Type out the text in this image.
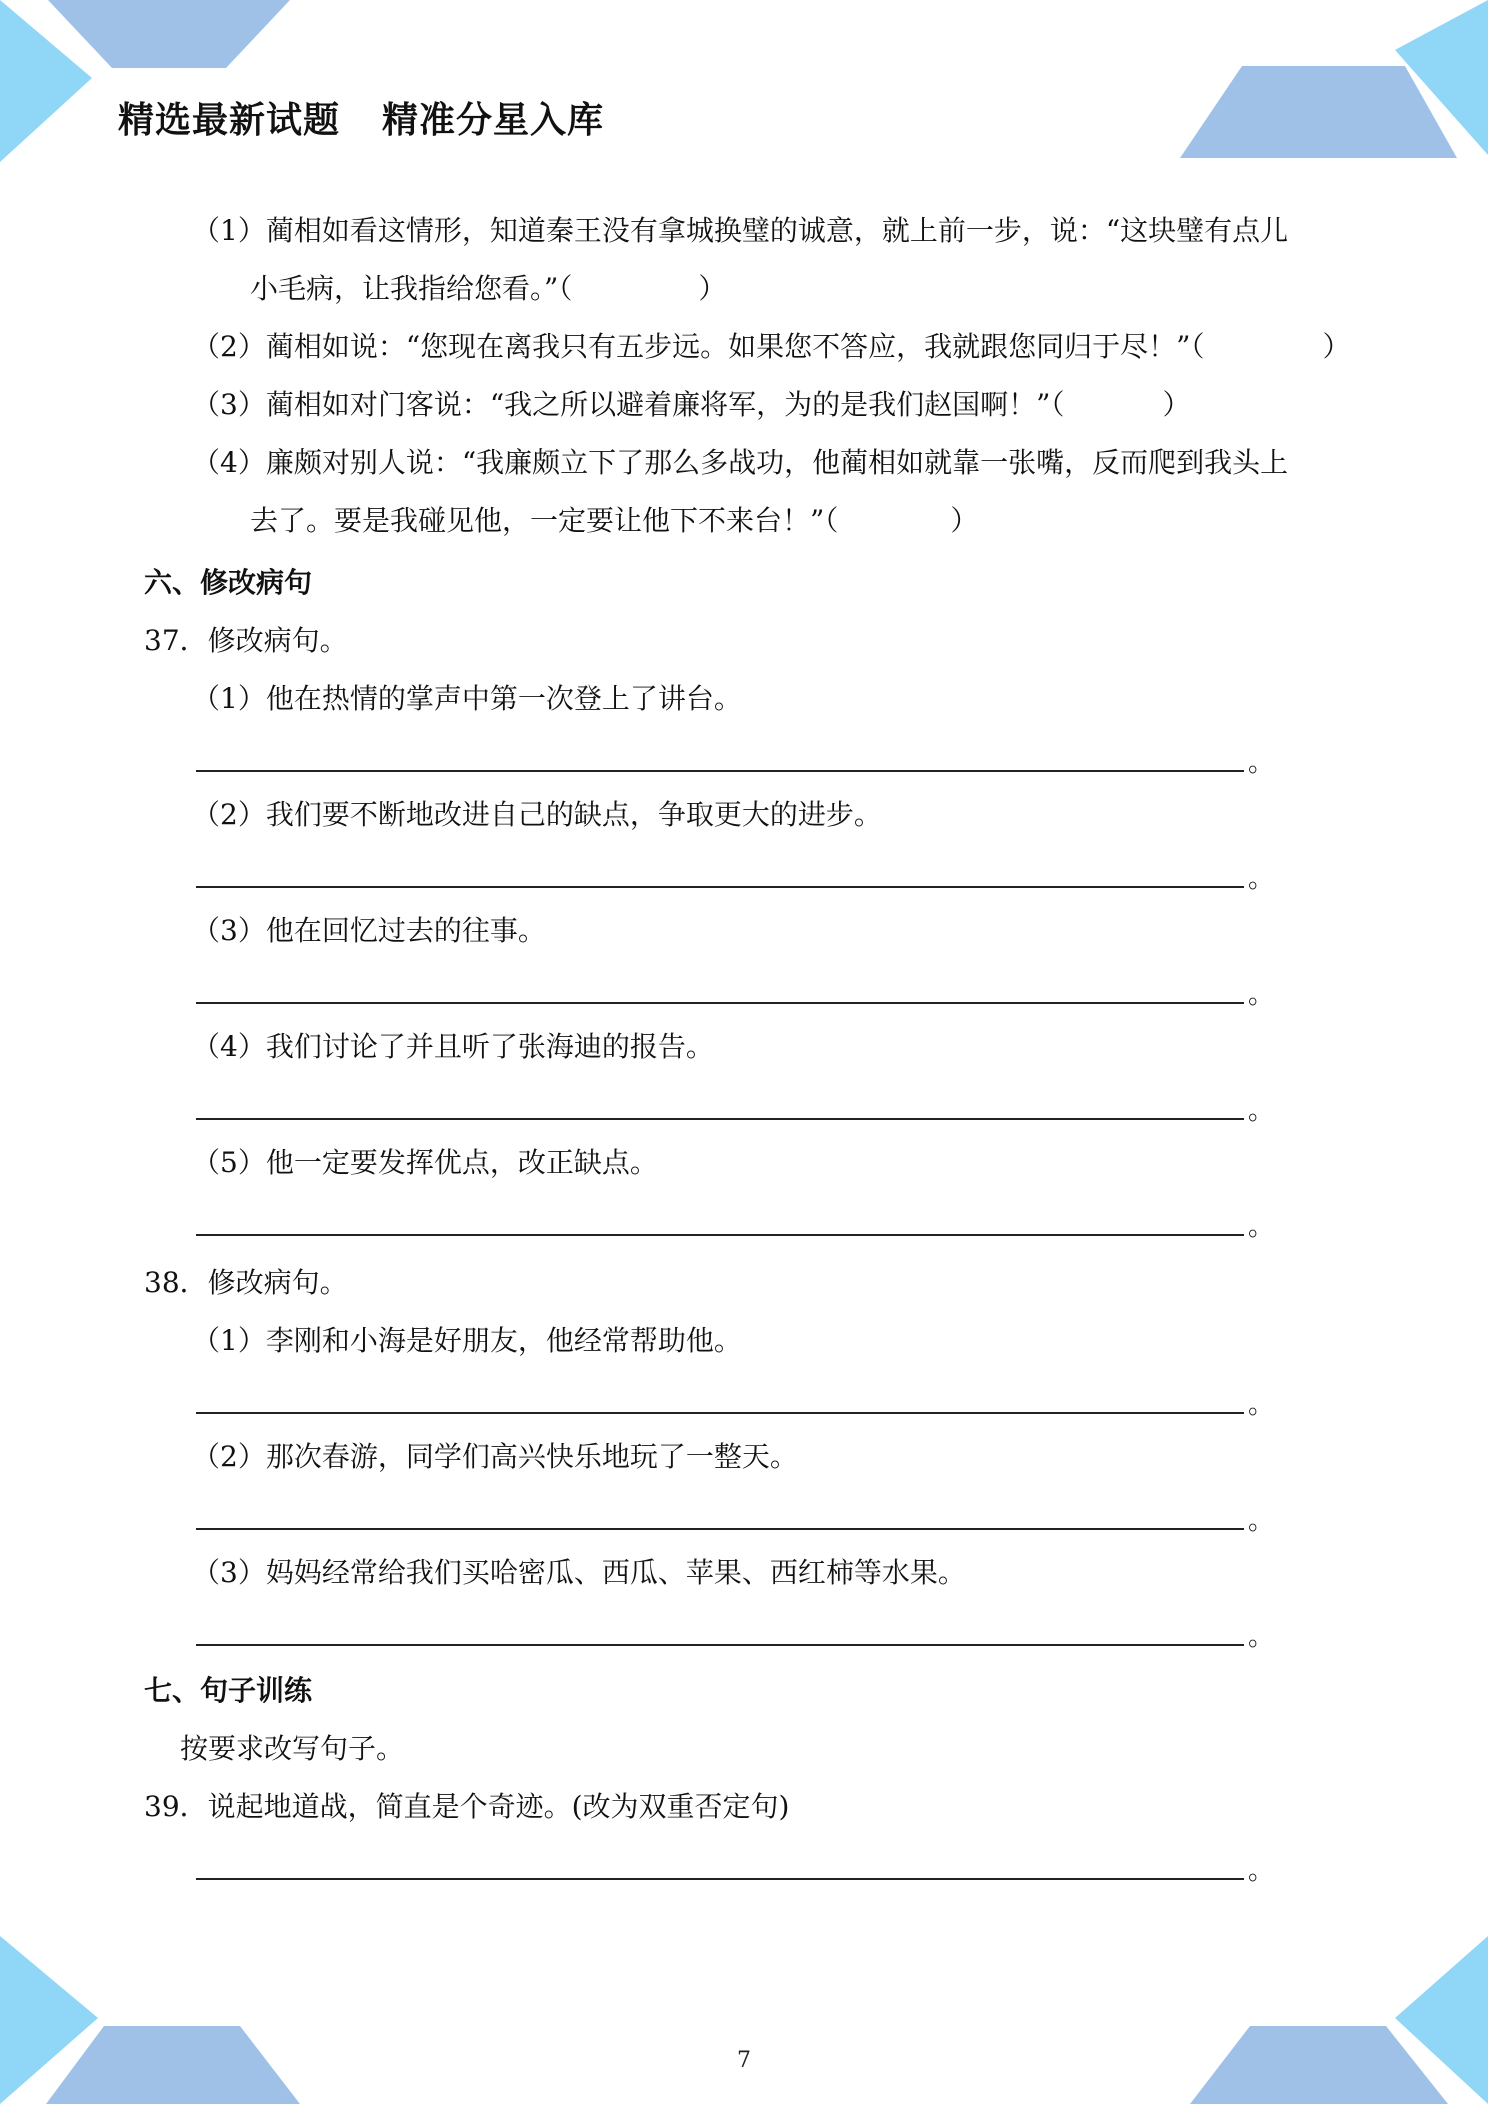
精选最新试题 精准分星入库
（1）蔺相如看这情形，知道秦王没有拿城换璧的诚意，就上前一步，说：“这块璧有点儿
小毛病，让我指给您看。”（	）
（2）蔺相如说：“您现在离我只有五步远。如果您不答应，我就跟您同归于尽！”（	）
（3）蔺相如对门客说：“我之所以避着廉将军，为的是我们赵国啊！”（	）
（4）廉颇对别人说：“我廉颇立下了那么多战功，他蔺相如就靠一张嘴，反而爬到我头上
去了。要是我碰见他，一定要让他下不来台！”（	）
六、修改病句
37．修改病句。
（1）他在热情的掌声中第一次登上了讲台。
。
（2）我们要不断地改进自己的缺点，争取更大的进步。
。
（3）他在回忆过去的往事。
。
（4）我们讨论了并且听了张海迪的报告。
。
（5）他一定要发挥优点，改正缺点。
。
38．修改病句。
（1）李刚和小海是好朋友，他经常帮助他。
。
（2）那次春游，同学们高兴快乐地玩了一整天。
。
（3）妈妈经常给我们买哈密瓜、西瓜、苹果、西红柿等水果。
。
七、句子训练
按要求改写句子。
39．说起地道战，简直是个奇迹。(改为双重否定句)
。
7
